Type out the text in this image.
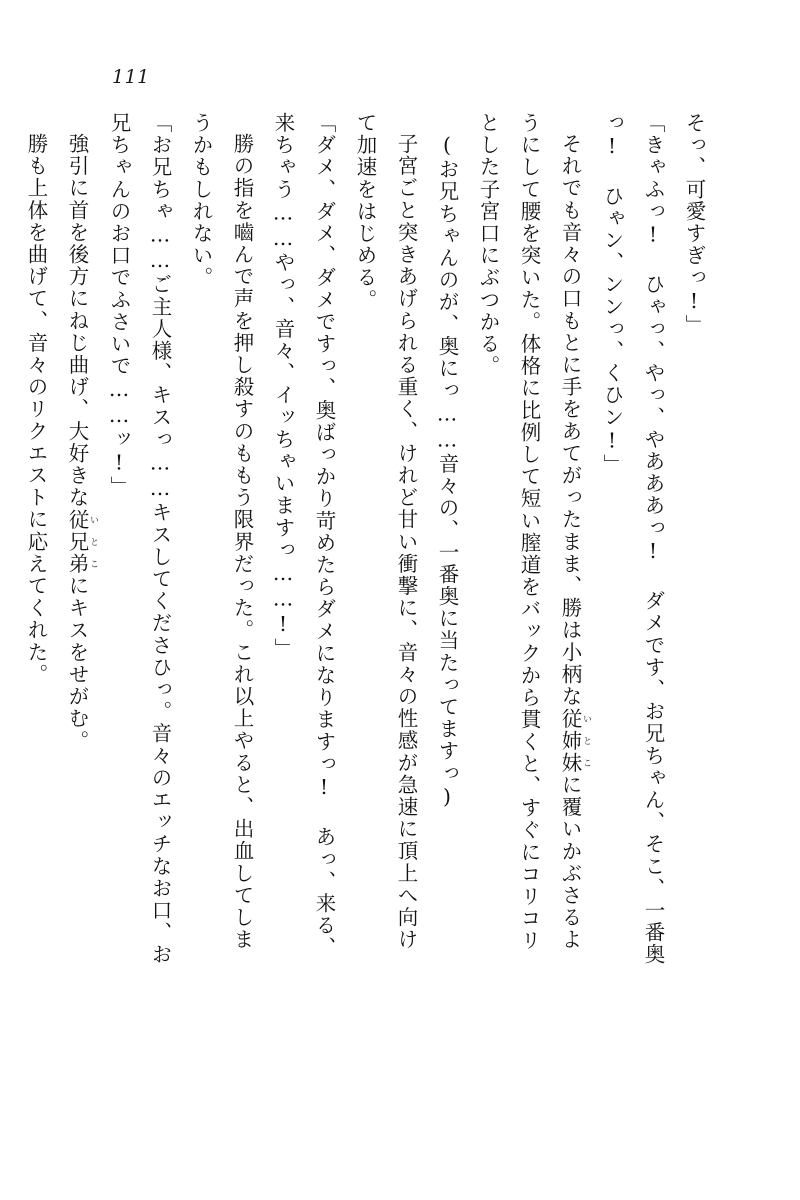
111

そっ、可愛すぎっ!」

「きゃふっ! ひゃっ、やっ、やあああっ! ダメです、お兄ちゃん、そこ、一番奥

っ! ひゃン、ンンっ、くひン!」

それでも音々の口もとに手をあてがったまま、勝は小柄な従姉妹 いとこに覆いかぶさるよ

うにして腰を突いた。体格に比例して短い膣道をバックから貫くと、すぐにコリコリ

とした子宮口にぶつかる。

(お兄ちゃんのが、奥にっ……音々の、一番奥に当たってますっ)

子宮ごと突きあげられる重く、けれど甘い衝撃に、音々の性感が急速に頂上へ向け

て加速をはじめる。

「ダメ、ダメ、ダメですっ、奥ばっかり苛めたらダメになりますっ! あっ、来る、

来ちゃう……やっ、音々、イッちゃいますっ……!」

勝の指を嚙んで声を押し殺すのももう限界だった。これ以上やると、出血してしま

うかもしれない。

「お兄ちゃ……ご主人様、キスっ……キスしてくださひっ。音々のエッチなお口、お

兄ちゃんのお口でふさいで……ッ!」

強引に首を後方にねじ曲げ、大好きな従兄弟 いとこにキスをせがむ。

勝も上体を曲げて、音々のリクエストに応えてくれた。
